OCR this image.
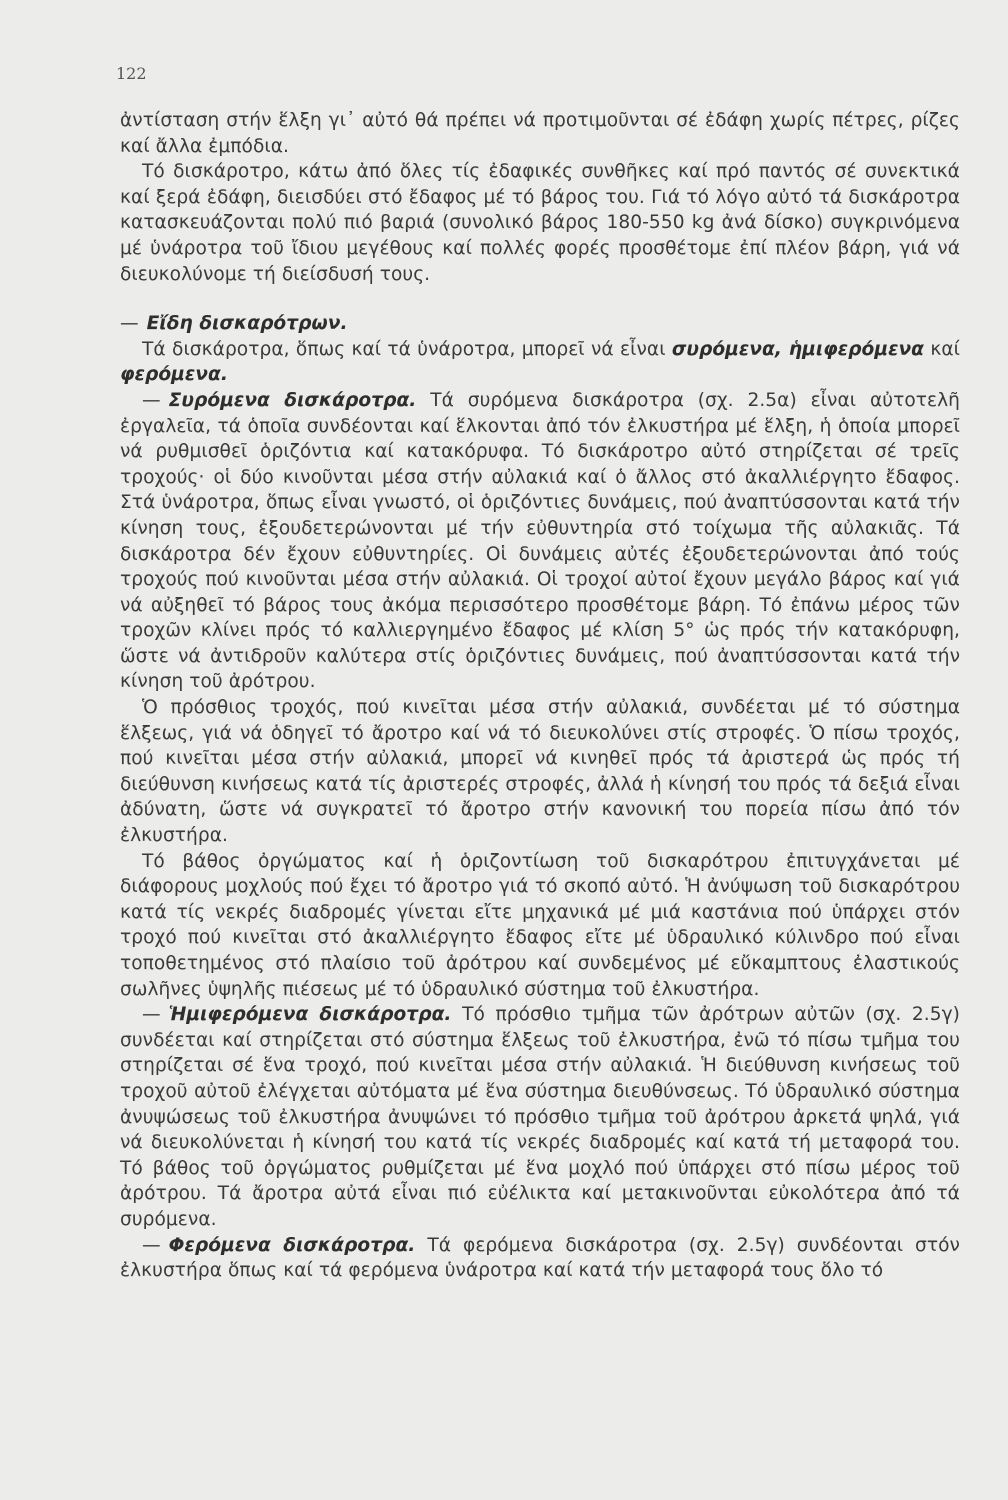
122

ἀντίσταση στήν ἕλξη γι᾽ αὐτό θά πρέπει νά προτιμοῦνται σέ ἐδάφη χωρίς πέτρες, ρίζες καί ἄλλα ἐμπόδια.

Τό δισκάροτρο, κάτω ἀπό ὅλες τίς ἐδαφικές συνθῆκες καί πρό παντός σέ συνεκτικά καί ξερά ἐδάφη, διεισδύει στό ἔδαφος μέ τό βάρος του. Γιά τό λόγο αὐτό τά δισκάροτρα κατασκευάζονται πολύ πιό βαριά (συνολικό βάρος 180-550 kg ἀνά δίσκο) συγκρινόμενα μέ ὑνάροτρα τοῦ ἴδιου μεγέθους καί πολλές φορές προσθέτομε ἐπί πλέον βάρη, γιά νά διευκολύνομε τή διείσδυσή τους.

— Εἴδη δισκαρότρων.

Τά δισκάροτρα, ὅπως καί τά ὑνάροτρα, μπορεῖ νά εἶναι συρόμενα, ἡμιφερόμενα καί φερόμενα.

— Συρόμενα δισκάροτρα. Τά συρόμενα δισκάροτρα (σχ. 2.5α) εἶναι αὐτοτελῆ ἐργαλεῖα, τά ὁποῖα συνδέονται καί ἕλκονται ἀπό τόν ἐλκυστήρα μέ ἕλξη, ἡ ὁποία μπορεῖ νά ρυθμισθεῖ ὁριζόντια καί κατακόρυφα. Τό δισκάροτρο αὐτό στηρίζεται σέ τρεῖς τροχούς· οἱ δύο κινοῦνται μέσα στήν αὐλακιά καί ὁ ἄλλος στό ἀκαλλιέργητο ἔδαφος. Στά ὑνάροτρα, ὅπως εἶναι γνωστό, οἱ ὁριζόντιες δυνάμεις, πού ἀναπτύσσονται κατά τήν κίνηση τους, ἐξουδετερώνονται μέ τήν εὐθυντηρία στό τοίχωμα τῆς αὐλακιᾶς. Τά δισκάροτρα δέν ἔχουν εὐθυντηρίες. Οἱ δυνάμεις αὐτές ἐξουδετερώνονται ἀπό τούς τροχούς πού κινοῦνται μέσα στήν αὐλακιά. Οἱ τροχοί αὐτοί ἔχουν μεγάλο βάρος καί γιά νά αὐξηθεῖ τό βάρος τους ἀκόμα περισσότερο προσθέτομε βάρη. Τό ἐπάνω μέρος τῶν τροχῶν κλίνει πρός τό καλλιεργημένο ἔδαφος μέ κλίση 5° ὡς πρός τήν κατακόρυφη, ὥστε νά ἀντιδροῦν καλύτερα στίς ὁριζόντιες δυνάμεις, πού ἀναπτύσσονται κατά τήν κίνηση τοῦ ἀρότρου.

Ὁ πρόσθιος τροχός, πού κινεῖται μέσα στήν αὐλακιά, συνδέεται μέ τό σύστημα ἕλξεως, γιά νά ὁδηγεῖ τό ἄροτρο καί νά τό διευκολύνει στίς στροφές. Ὁ πίσω τροχός, πού κινεῖται μέσα στήν αὐλακιά, μπορεῖ νά κινηθεῖ πρός τά ἀριστερά ὡς πρός τή διεύθυνση κινήσεως κατά τίς ἀριστερές στροφές, ἀλλά ἡ κίνησή του πρός τά δεξιά εἶναι ἀδύνατη, ὥστε νά συγκρατεῖ τό ἄροτρο στήν κανονική του πορεία πίσω ἀπό τόν ἐλκυστήρα.

Τό βάθος ὀργώματος καί ἡ ὁριζοντίωση τοῦ δισκαρότρου ἐπιτυγχάνεται μέ διάφορους μοχλούς πού ἔχει τό ἄροτρο γιά τό σκοπό αὐτό. Ἡ ἀνύψωση τοῦ δισκαρότρου κατά τίς νεκρές διαδρομές γίνεται εἴτε μηχανικά μέ μιά καστάνια πού ὑπάρχει στόν τροχό πού κινεῖται στό ἀκαλλιέργητο ἔδαφος εἴτε μέ ὑδραυλικό κύλινδρο πού εἶναι τοποθετημένος στό πλαίσιο τοῦ ἀρότρου καί συνδεμένος μέ εὔκαμπτους ἐλαστικούς σωλῆνες ὑψηλῆς πιέσεως μέ τό ὑδραυλικό σύστημα τοῦ ἐλκυστήρα.

— Ἡμιφερόμενα δισκάροτρα. Τό πρόσθιο τμῆμα τῶν ἀρότρων αὐτῶν (σχ. 2.5γ) συνδέεται καί στηρίζεται στό σύστημα ἕλξεως τοῦ ἐλκυστήρα, ἐνῶ τό πίσω τμῆμα του στηρίζεται σέ ἕνα τροχό, πού κινεῖται μέσα στήν αὐλακιά. Ἡ διεύθυνση κινήσεως τοῦ τροχοῦ αὐτοῦ ἐλέγχεται αὐτόματα μέ ἕνα σύστημα διευθύνσεως. Τό ὑδραυλικό σύστημα ἀνυψώσεως τοῦ ἐλκυστήρα ἀνυψώνει τό πρόσθιο τμῆμα τοῦ ἀρότρου ἀρκετά ψηλά, γιά νά διευκολύνεται ἡ κίνησή του κατά τίς νεκρές διαδρομές καί κατά τή μεταφορά του. Τό βάθος τοῦ ὀργώματος ρυθμίζεται μέ ἕνα μοχλό πού ὑπάρχει στό πίσω μέρος τοῦ ἀρότρου. Τά ἄροτρα αὐτά εἶναι πιό εὐέλικτα καί μετακινοῦνται εὐκολότερα ἀπό τά συρόμενα.

— Φερόμενα δισκάροτρα. Τά φερόμενα δισκάροτρα (σχ. 2.5γ) συνδέονται στόν ἐλκυστήρα ὅπως καί τά φερόμενα ὑνάροτρα καί κατά τήν μεταφορά τους ὅλο τό
